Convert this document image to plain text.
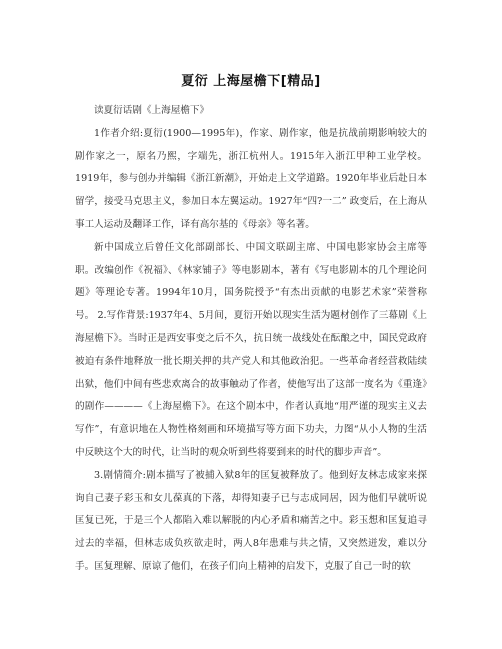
夏衍 上海屋檐下[精品]

读夏衍话剧《上海屋檐下》

1作者介绍:夏衍(1900—1995年)，作家、剧作家，他是抗战前期影响较大的剧作家之一，原名乃熙，字端先，浙江杭州人。1915年入浙江甲种工业学校。 1919年，参与创办并编辑《浙江新潮》，开始走上文学道路。1920年毕业后赴日本留学，接受马克思主义，参加日本左翼运动。1927年“四?一二” 政变后，在上海从事工人运动及翻译工作，译有高尔基的《母亲》等名著。

新中国成立后曾任文化部副部长、中国文联副主席、中国电影家协会主席等职。改编创作《祝福》、《林家铺子》等电影剧本，著有《写电影剧本的几个理论问题》等理论专著。1994年10月，国务院授予“有杰出贡献的电影艺术家”荣誉称号。 2.写作背景:1937年4、5月间，夏衍开始以现实生活为题材创作了三幕剧《上海屋檐下》。当时正是西安事变之后不久，抗日统一战线处在酝酿之中，国民党政府被迫有条件地释放一批长期关押的共产党人和其他政治犯。一些革命者经营救陆续出狱，他们中间有些悲欢离合的故事触动了作者，使他写出了这部一度名为《重逢》的剧作————《上海屋檐下》。在这个剧本中，作者认真地“用严谨的现实主义去写作”，有意识地在人物性格刻画和环境描写等方面下功夫，力图“从小人物的生活中反映这个大的时代，让当时的观众听到些将要到来的时代的脚步声音”。

3.剧情简介:剧本描写了被捕入狱8年的匡复被释放了。他到好友林志成家来探询自己妻子彩玉和女儿葆真的下落，却得知妻子已与志成同居，因为他们早就听说匡复已死，于是三个人都陷入难以解脱的内心矛盾和痛苦之中。彩玉想和匡复追寻过去的幸福，但林志成负疚欲走时，两人8年患难与共之情，又突然迸发，难以分手。匡复理解、原谅了他们，在孩子们向上精神的启发下，克服了自己一时的软
